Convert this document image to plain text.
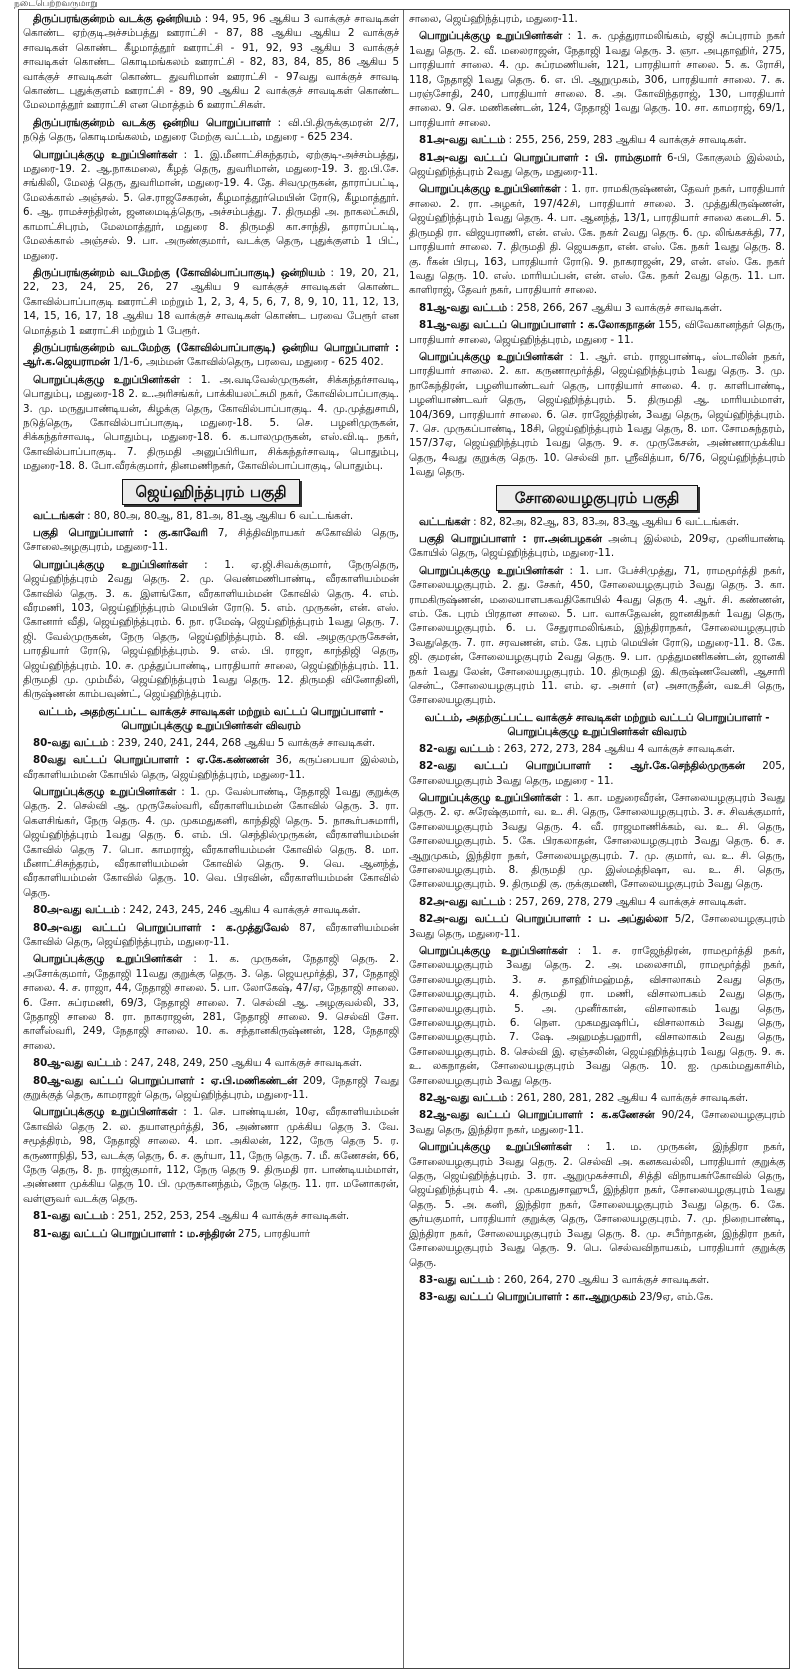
நடைபெற்றவருமாறு

திருப்பரங்குன்றம் வடக்கு ஒன்றியம் : 94, 95, 96 ஆகிய 3 வாக்குச் சாவடிகள் கொண்ட ஏற்குடிஅச்சம்பத்து ஊராட்சி - 87, 88 ஆகிய ஆகிய 2 வாக்குச் சாவடிகள் கொண்ட கீழமாத்தூர் ஊராட்சி - 91, 92, 93 ஆகிய 3 வாக்குச் சாவடிகள் கொண்ட கொடிமங்கலம் ஊராட்சி - 82, 83, 84, 85, 86 ஆகிய 5 வாக்குச் சாவடிகள் கொண்ட துவரிமான் ஊராட்சி - 97வது வாக்குச் சாவடி கொண்ட புதுக்குளம் ஊராட்சி - 89, 90 ஆகிய 2 வாக்குச் சாவடிகள் கொண்ட மேலமாத்தூர் ஊராட்சி என மொத்தம் 6 ஊராட்சிகள்.

திருப்பரங்குன்றம் வடக்கு ஒன்றிய பொறுப்பாளர் : வி.பி.திருக்குமரன் 2/7, நடுத் தெரு, கொடிமங்கலம், மதுரை மேற்கு வட்டம், மதுரை - 625 234.

பொறுப்புக்குழு உறுப்பினர்கள் : 1. இ.மீனாட்சிசுந்தரம், ஏற்குடி-அச்சம்பத்து, மதுரை-19. 2. ஆ.நாகமலை, கீழத் தெரு, துவரிமான், மதுரை-19. 3. ஐ.பி.சே. சங்கிலி, மேலத் தெரு, துவரிமான், மதுரை-19. 4. தே. சிவமுருகன், தாராப்பட்டி, மேலக்கால் அஞ்சல். 5. செ.ராஜசேகரன், கீழமாத்தூர்மெயின் ரோடு, கீழமாத்தூர். 6. ஆ. ராமச்சந்திரன், ஜனமைடித்தெரு, அச்சம்பத்து. 7. திருமதி அ. நாகலட்சுமி, காமாட்சிபுரம், மேலமாத்தூர், மதுரை 8. திருமதி கா.சாந்தி, தாராப்பட்டி, மேலக்கால் அஞ்சல். 9. பா. அருண்குமார், வடக்கு தெரு, புதுக்குளம் 1 பிட், மதுரை.

திருப்பரங்குன்றம் வடமேற்கு (கோவில்பாப்பாகுடி) ஒன்றியம் : 19, 20, 21, 22, 23, 24, 25, 26, 27 ஆகிய 9 வாக்குச் சாவடிகள் கொண்ட கோவில்பாப்பாகுடி ஊராட்சி மற்றும் 1, 2, 3, 4, 5, 6, 7, 8, 9, 10, 11, 12, 13, 14, 15, 16, 17, 18 ஆகிய 18 வாக்குச் சாவடிகள் கொண்ட பரவை பேரூர் என மொத்தம் 1 ஊராட்சி மற்றும் 1 பேரூர்.

திருப்பரங்குன்றம் வடமேற்கு (கோவில்பாப்பாகுடி) ஒன்றிய பொறுப்பாளர் : ஆர்.க.ஜெயராமன் 1/1-6, அம்மன் கோவில்தெரு, பரவை, மதுரை - 625 402.

பொறுப்புக்குழு உறுப்பினர்கள் : 1. அ.வடிவேல்முருகன், சிக்கந்தர்சாவடி, பொதும்பு, மதுரை-18 2. உ.அரிசங்கர், பாக்கியலட்சுமி நகர், கோவில்பாப்பாகுடி. 3. மு. மருதுபாண்டியன், கிழக்கு தெரு, கோவில்பாப்பாகுடி. 4. மு.முத்துசாமி, நடுத்தெரு, கோவில்பாப்பாகுடி, மதுரை-18. 5. செ. பழனிமுருகன், சிக்கந்தர்சாவடி, பொதும்பு, மதுரை-18. 6. க.பாலமுருகன், எஸ்.வி.டி. நகர், கோவில்பாப்பாகுடி. 7. திருமதி அனுப்பிரியா, சிக்கந்தர்சாவடி, பொதும்பு, மதுரை-18. 8. போ.வீரக்குமார், தினமணிநகர், கோவில்பாப்பாகுடி, பொதும்பு.

ஜெய்ஹிந்த்புரம் பகுதி

வட்டங்கள் : 80, 80அ, 80ஆ, 81, 81அ, 81ஆ ஆகிய 6 வட்டங்கள்.

பகுதி பொறுப்பாளர் : கு.காவேரி 7, சித்திவிநாயகர் சுகோவில் தெரு, சோலைஅழகுபுரம், மதுரை-11.

பொறுப்புக்குழு உறுப்பினர்கள் : 1. ஏ.ஜி.சிவக்குமார், நேருதெரு, ஜெய்ஹிந்த்புரம் 2வது தெரு. 2. மு. வெண்மணிபாண்டி, வீரகாளியம்மன் கோவில் தெரு. 3. க. இளங்கோ, வீரகாளியம்மன் கோவில் தெரு. 4. எம். வீரமணி, 103, ஜெய்ஹிந்த்புரம் மெயின் ரோடு. 5. எம். முருகன், என். எஸ். கோனார் வீதி, ஜெய்ஹிந்த்புரம். 6. நா. ரமேஷ், ஜெய்ஹிந்த்புரம் 1வது தெரு. 7. ஜி. வேல்முருகன், நேரு தெரு, ஜெய்ஹிந்த்புரம். 8. வி. அழகுமுருகேசன், பாரதியார் ரோடு, ஜெய்ஹிந்த்புரம். 9. எல். பி. ராஜா, காந்திஜி தெரு, ஜெய்ஹிந்த்புரம். 10. ச. முத்துப்பாண்டி, பாரதியார் சாலை, ஜெய்ஹிந்த்புரம். 11. திருமதி மு. மும்மீல், ஜெய்ஹிந்த்புரம் 1வது தெரு. 12. திருமதி வினோதினி, கிருஷ்ணன் காம்பவுண்ட், ஜெய்ஹிந்த்புரம்.

வட்டம், அதற்குட்பட்ட வாக்குச் சாவடிகள் மற்றும் வட்டப் பொறுப்பாளர் - பொறுப்புக்குழு உறுப்பினர்கள் விவரம்

80-வது வட்டம் : 239, 240, 241, 244, 268 ஆகிய 5 வாக்குச் சாவடிகள்.

80வது வட்டப் பொறுப்பாளர் : ஏ.கே.கண்ணன் 36, கருப்பையா இல்லம், வீரகாளியம்மன் கோயில் தெரு, ஜெய்ஹிந்த்புரம், மதுரை-11.

பொறுப்புக்குழு உறுப்பினர்கள் : 1. மு. வேல்பாண்டி, நேதாஜி 1வது குறுக்கு தெரு. 2. செல்வி ஆ. முருகேஸ்வரி, வீரகாளியம்மன் கோவில் தெரு. 3. ரா. கௌசிங்கர், நேரு தெரு. 4. மு. முகமதுகனி, காந்திஜி தெரு. 5. நாகூர்பசுமாரி, ஜெய்ஹிந்த்புரம் 1வது தெரு. 6. எம். பி. செந்தில்முருகன், வீரகாளியம்மன் கோவில் தெரு 7. பொ. காமராஜ், வீரகாளியம்மன் கோவில் தெரு. 8. மா. மீனாட்சிசுந்தரம், வீரகாளியம்மன் கோவில் தெரு. 9. வெ. ஆனந்த், வீரகாளியம்மன் கோவில் தெரு. 10. வெ. பிரவின், வீரகாளியம்மன் கோவில் தெரு.

80அ-வது வட்டம் : 242, 243, 245, 246 ஆகிய 4 வாக்குச் சாவடிகள்.

80அ-வது வட்டப் பொறுப்பாளர் : க.முத்துவேல் 87, வீரகாளியம்மன் கோவில் தெரு, ஜெய்ஹிந்த்புரம், மதுரை-11.

பொறுப்புக்குழு உறுப்பினர்கள் : 1. க. முருகன், நேதாஜி தெரு. 2. அசோக்குமார், நேதாஜி 11வது குறுக்கு தெரு. 3. தெ. ஜெயமூர்த்தி, 37, நேதாஜி சாலை. 4. ச. ராஜா, 44, நேதாஜி சாலை. 5. பா. லோகேஷ், 47/ஏ, நேதாஜி சாலை. 6. சோ. சுப்ரமணி, 69/3, நேதாஜி சாலை. 7. செல்வி ஆ. அழகுவல்லி, 33, நேதாஜி சாலை 8. ரா. நாகராஜன், 281, நேதாஜி சாலை. 9. செல்வி சோ. காளீஸ்வரி, 249, நேதாஜி சாலை. 10. க. சந்தானகிருஷ்ணன், 128, நேதாஜி சாலை.

80ஆ-வது வட்டம் : 247, 248, 249, 250 ஆகிய 4 வாக்குச் சாவடிகள்.

80ஆ-வது வட்டப் பொறுப்பாளர் : ஏ.பி.மணிகண்டன் 209, நேதாஜி 7வது குறுக்குத் தெரு, காமராஜர் தெரு, ஜெய்ஹிந்த்புரம், மதுரை-11.

பொறுப்புக்குழு உறுப்பினர்கள் : 1. செ. பாண்டியன், 10ஏ, வீரகாளியம்மன் கோவில் தெரு 2. ல. தயாளமூர்த்தி, 36, அண்ணா முக்கிய தெரு 3. வே. சமூத்திரம், 98, நேதாஜி சாலை. 4. மா. அகிலன், 122, நேரு தெரு 5. ர. கருணாநிதி, 53, வடக்கு தெரு, 6. ச. சூர்யா, 11, நேரு தெரு. 7. மீ. கணேசன், 66, நேரு தெரு, 8. ந. ராஜ்குமார், 112, நேரு தெரு 9. திருமதி ரா. பாண்டியம்மாள், அண்ணா முக்கிய தெரு 10. பி. முருகானந்தம், நேரு தெரு. 11. ரா. மனோகரன், வள்ளுவர் வடக்கு தெரு.

81-வது வட்டம் : 251, 252, 253, 254 ஆகிய 4 வாக்குச் சாவடிகள்.

81-வது வட்டப் பொறுப்பாளர் : ம.சந்திரன் 275, பாரதியார்

சாலை, ஜெய்ஹிந்த்புரம், மதுரை-11.

பொறுப்புக்குழு உறுப்பினர்கள் : 1. சு. முத்துராமலிங்கம், ஏஜி சுப்புராம் நகர் 1வது தெரு. 2. வீ. மலைராஜன், நேதாஜி 1வது தெரு. 3. ஞா. அபுதாஹிர், 275, பாரதியார் சாலை. 4. மு. சுப்ரமணியன், 121, பாரதியார் சாலை. 5. க. ரோசி, 118, நேதாஜி 1வது தெரு. 6. எ. பி. ஆறுமுகம், 306, பாரதியார் சாலை. 7. சு. பரஞ்சோதி, 240, பாரதியார் சாலை. 8. அ. கோவிந்தராஜ், 130, பாரதியார் சாலை. 9. செ. மணிகண்டன், 124, நேதாஜி 1வது தெரு. 10. சா. காமராஜ், 69/1, பாரதியார் சாலை.

81அ-வது வட்டம் : 255, 256, 259, 283 ஆகிய 4 வாக்குச் சாவடிகள்.

81அ-வது வட்டப் பொறுப்பாளர் : பி. ராம்குமார் 6-பி, கோகுலம் இல்லம், ஜெய்ஹிந்த்புரம் 2வது தெரு, மதுரை-11.

பொறுப்புக்குழு உறுப்பினர்கள் : 1. ரா. ராமகிருஷ்ணன், தேவர் நகர், பாரதியார் சாலை. 2. ரா. அழகர், 197/42சி, பாரதியார் சாலை. 3. முத்துகிருஷ்ணன், ஜெய்ஹிந்த்புரம் 1வது தெரு. 4. பா. ஆனந்த், 13/1, பாரதியார் சாலை கடைசி. 5. திருமதி ரா. விஜயராணி, என். எஸ். கே. நகர் 2வது தெரு. 6. மு. லிங்கசக்தி, 77, பாரதியார் சாலை. 7. திருமதி தி. ஜெயசுதா, என். எஸ். கே. நகர் 1வது தெரு. 8. கு. ரீகன் பிரபு, 163, பாரதியார் ரோடு. 9. நாகராஜன், 29, என். எஸ். கே. நகர் 1வது தெரு. 10. எஸ். மாரியப்பன், என். எஸ். கே. நகர் 2வது தெரு. 11. பா. காளிராஜ், தேவர் நகர், பாரதியார் சாலை.

81ஆ-வது வட்டம் : 258, 266, 267 ஆகிய 3 வாக்குச் சாவடிகள்.

81ஆ-வது வட்டப் பொறுப்பாளர் : க.லோகநாதன் 155, விவேகானந்தர் தெரு, பாரதியார் சாலை, ஜெய்ஹிந்த்புரம், மதுரை - 11.

பொறுப்புக்குழு உறுப்பினர்கள் : 1. ஆர். எம். ராஜபாண்டி, ஸ்டாலின் நகர், பாரதியார் சாலை. 2. கா. கருணாமூர்த்தி, ஜெய்ஹிந்த்புரம் 1வது தெரு. 3. மு. நாகேந்திரன், பழனியாண்டவர் தெரு, பாரதியார் சாலை. 4. ர. காளிபாண்டி, பழனியாண்டவர் தெரு, ஜெய்ஹிந்த்புரம். 5. திருமதி ஆ. மாரியம்மாள், 104/369, பாரதியார் சாலை. 6. செ. ராஜேந்திரன், 3வது தெரு, ஜெய்ஹிந்த்புரம். 7. செ. முருகப்பாண்டி, 18சி, ஜெய்ஹிந்த்புரம் 1வது தெரு, 8. மா. சோமசுந்தரம், 157/37ஏ, ஜெய்ஹிந்த்புரம் 1வது தெரு. 9. ச. முருகேசன், அண்ணாமுக்கிய தெரு, 4வது குறுக்கு தெரு. 10. செல்வி நா. ஸ்ரீவித்யா, 6/76, ஜெய்ஹிந்த்புரம் 1வது தெரு.

சோலையழகுபுரம் பகுதி

வட்டங்கள் : 82, 82அ, 82ஆ, 83, 83அ, 83ஆ ஆகிய 6 வட்டங்கள்.

பகுதி பொறுப்பாளர் : ரா.அன்பழகன் அன்பு இல்லம், 209ஏ, முனியாண்டி கோயில் தெரு, ஜெய்ஹிந்த்புரம், மதுரை-11.

பொறுப்புக்குழு உறுப்பினர்கள் : 1. பா. பேச்சிமுத்து, 71, ராமமூர்த்தி நகர், சோலையழகுபுரம். 2. து. சேகர், 450, சோலையழகுபுரம் 3வது தெரு. 3. கா. ராமகிருஷ்ணன், மலையாளபகவதிகோயில் 4வது தெரு 4. ஆர். சி. கண்ணன், எம். கே. புரம் பிரதான சாலை. 5. பா. வாசுதேவன், ஜானகிநகர் 1வது தெரு, சோலையழகுபுரம். 6. ப. சேதுராமலிங்கம், இந்திராநகர், சோலையழகுபுரம் 3வதுதெரு. 7. ரா. சரவணன், எம். கே. புரம் மெயின் ரோடு, மதுரை-11. 8. கே. ஜி. குமரன், சோலையழகுபுரம் 2வது தெரு. 9. பா. முத்துமணிகண்டன், ஜானகி நகர் 1வது லேன், சோலையழகுபுரம். 10. திருமதி இ. கிருஷ்ணவேணி, ஆசாரி சென்ட், சோலையழகுபுரம் 11. எம். ஏ. அசார் (எ) அசாருதீன், வஉசி தெரு, சோலையழகுபுரம்.

வட்டம், அதற்குட்பட்ட வாக்குச் சாவடிகள் மற்றும் வட்டப் பொறுப்பாளர் - பொறுப்புக்குழு உறுப்பினர்கள் விவரம்

82-வது வட்டம் : 263, 272, 273, 284 ஆகிய 4 வாக்குச் சாவடிகள்.

82-வது வட்டப் பொறுப்பாளர் : ஆர்.கே.செந்தில்முருகன் 205, சோலையழகுபுரம் 3வது தெரு, மதுரை - 11.

பொறுப்புக்குழு உறுப்பினர்கள் : 1. கா. மதுரைவீரன், சோலையழகுபுரம் 3வது தெரு. 2. ஏ. சுரேஷ்குமார், வ. உ. சி. தெரு, சோலையழகுபுரம். 3. ச. சிவக்குமார், சோலையழகுபுரம் 3வது தெரு. 4. வீ. ராஜமாணிக்கம், வ. உ. சி. தெரு, சோலையழகுபுரம். 5. கே. பிரகலாதன், சோலையழகுபுரம் 3வது தெரு. 6. ச. ஆறுமுகம், இந்திரா நகர், சோலையழகுபுரம். 7. மு. குமார், வ. உ. சி. தெரு, சோலையழகுபுரம். 8. திருமதி மு. இஸ்மத்நிஷா, வ. உ. சி. தெரு, சோலையழகுபுரம். 9. திருமதி கு. ருக்குமணி, சோலையழகுபுரம் 3வது தெரு.

82அ-வது வட்டம் : 257, 269, 278, 279 ஆகிய 4 வாக்குச் சாவடிகள்.

82அ-வது வட்டப் பொறுப்பாளர் : ப. அப்துல்லா 5/2, சோலையழகுபுரம் 3வது தெரு, மதுரை-11.

பொறுப்புக்குழு உறுப்பினர்கள் : 1. ச. ராஜேந்திரன், ராமமூர்த்தி நகர், சோலையழகுபுரம் 3வது தெரு. 2. அ. மலைசாமி, ராமமூர்த்தி நகர், சோலையழகுபுரம். 3. ச. தாஹிர்மஹ்மத், விசாலாகம் 2வது தெரு, சோலையழகுபுரம். 4. திருமதி ரா. மணி, விசாலாபகம் 2வது தெரு, சோலையழகுபுரம். 5. அ. முனீர்கான், விசாலாகம் 1வது தெரு, சோலையழகுபுரம். 6. நௌ. முகமதுஷரிப், விசாலாகம் 3வது தெரு, சோலையழகுபுரம். 7. ஷே. அஹமத்பஹாரி, விசாலாகம் 2வது தெரு, சோலையழகுபுரம். 8. செல்வி இ. ஏஞ்சலின், ஜெய்ஹிந்த்புரம் 1வது தெரு. 9. சு. உ. லகநாதன், சோலையழகுபுரம் 3வது தெரு. 10. ஐ. முகம்மதுகாசிம், சோலையழகுபுரம் 3வது தெரு.

82ஆ-வது வட்டம் : 261, 280, 281, 282 ஆகிய 4 வாக்குச் சாவடிகள்.

82ஆ-வது வட்டப் பொறுப்பாளர் : க.கணேசன் 90/24, சோலையழகுபுரம் 3வது தெரு, இந்திரா நகர், மதுரை-11.

பொறுப்புக்குழு உறுப்பினர்கள் : 1. ம. முருகன், இந்திரா நகர், சோலையழகுபுரம் 3வது தெரு. 2. செல்வி அ. கனகவல்லி, பாரதியார் குறுக்கு தெரு, ஜெய்ஹிந்த்புரம். 3. ரா. ஆறுமுகச்சாமி, சித்தி விநாயகர்கோவில் தெரு, ஜெய்ஹிந்த்புரம் 4. அ. முகமதுசாஹுபீ, இந்திரா நகர், சோலையழகுபுரம் 1வது தெரு. 5. அ. கனி, இந்திரா நகர், சோலையழகுபுரம் 3வது தெரு. 6. கே. சூர்யகுமார், பாரதியார் குறுக்கு தெரு, சோலையழகுபுரம். 7. மு. நிறைபாண்டி, இந்திரா நகர், சோலையழகுபுரம் 3வது தெரு. 8. மு. சபீர்நாதன், இந்திரா நகர், சோலையழகுபுரம் 3வது தெரு. 9. பெ. செல்வவிநாயகம், பாரதியார் குறுக்கு தெரு.

83-வது வட்டம் : 260, 264, 270 ஆகிய 3 வாக்குச் சாவடிகள்.

83-வது வட்டப் பொறுப்பாளர் : கா.ஆறுமுகம் 23/9ஏ, எம்.கே.
